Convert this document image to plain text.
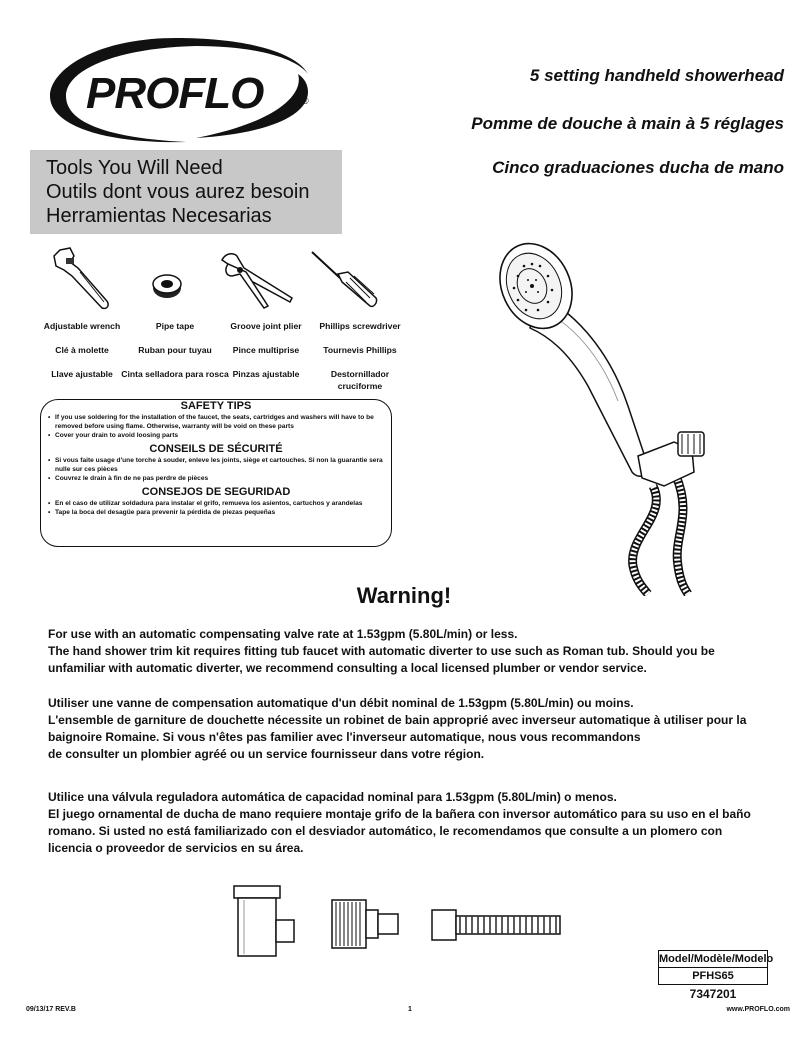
PROFLO	®
5 setting handheld showerhead
Pomme de douche à main à 5 réglages
Cinco graduaciones ducha de mano
Tools You Will Need
Outils dont vous aurez besoin
Herramientas Necesarias
Adjustable wrench
Clé à molette
Llave ajustable
Pipe tape
Ruban pour tuyau
Cinta selladora para rosca
Groove joint plier
Pince multiprise
Pinzas ajustable
Phillips screwdriver
Tournevis Phillips
Destornillador cruciforme
SAFETY TIPS
• If you use soldering for the installation of the faucet, the seats, cartridges and washers will have to be removed before using flame. Otherwise, warranty will be void on these parts
• Cover your drain to avoid loosing parts
CONSEILS DE SÉCURITÉ
• Si vous faite usage d'une torche à souder, enleve les joints, siège et cartouches. Si non la guarantie sera nulle sur ces pièces
• Couvrez le drain à fin de ne pas perdre de pièces
CONSEJOS DE SEGURIDAD
• En el caso de utilizar soldadura para instalar el grifo, remueva los asientos, cartuchos y arandelas
• Tape la boca del desagüe para prevenir la pérdida de piezas pequeñas
Warning!
For use with an automatic compensating valve rate at 1.53gpm (5.80L/min) or less.
The hand shower trim kit requires fitting tub faucet with automatic diverter to use such as Roman tub. Should you be unfamiliar with automatic diverter, we recommend consulting a local licensed plumber or vendor service.
Utiliser une vanne de compensation automatique d'un débit nominal de 1.53gpm (5.80L/min) ou moins.
L'ensemble de garniture de douchette nécessite un robinet de bain approprié avec inverseur automatique à utiliser pour la baignoire Romaine. Si vous n'êtes pas familier avec l'inverseur automatique, nous vous recommandons
de consulter un plombier agréé ou un service fournisseur dans votre région.
Utilice una válvula reguladora automática de capacidad nominal para 1.53gpm (5.80L/min) o menos.
El juego ornamental de ducha de mano requiere montaje grifo de la bañera con inversor automático para su uso en el baño romano. Si usted no está familiarizado con el desviador automático, le recomendamos que consulte a un plomero con licencia o proveedor de servicios en su área.
Model/Modèle/Modelo
PFHS65
7347201
09/13/17 REV.B	1	www.PROFLO.com
